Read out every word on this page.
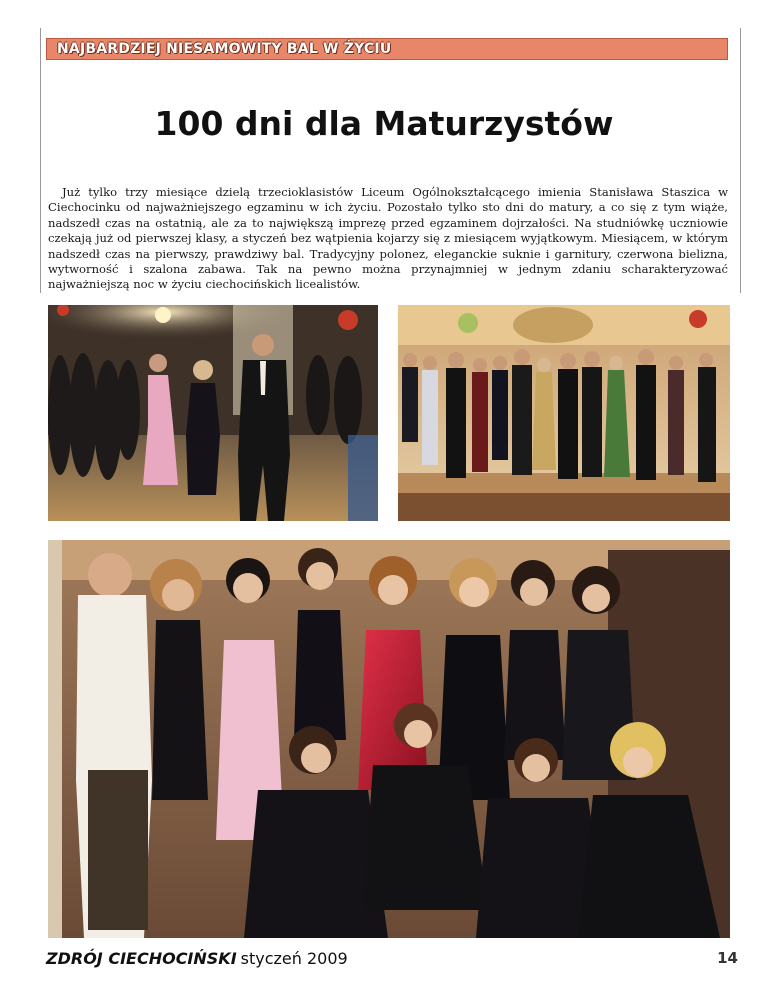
NAJBARDZIEJ NIESAMOWITY BAL W ŻYCIU
100 dni dla Maturzystów

Już tylko trzy miesiące dzielą trzecioklasistów Liceum Ogólnokształcącego imienia Stanisława Staszica w Ciechocinku od najważniejszego egzaminu w ich życiu. Pozostało tylko sto dni do matury, a co się z tym wiąże, nadszedł czas na ostatnią, ale za to największą imprezę przed egzaminem dojrzałości. Na studniówkę uczniowie czekają już od pierwszej klasy, a styczeń bez wątpienia kojarzy się z miesiącem wyjątkowym. Miesiącem, w którym nadszedł czas na pierwszy, prawdziwy bal. Tradycyjny polonez, eleganckie suknie i garnitury, czerwona bielizna, wytworność i szalona zabawa. Tak na pewno można przynajmniej w jednym zdaniu scharakteryzować najważniejszą noc w życiu ciechocińskich licealistów.

ZDRÓJ CIECHOCIŃSKI styczeń 2009	14
